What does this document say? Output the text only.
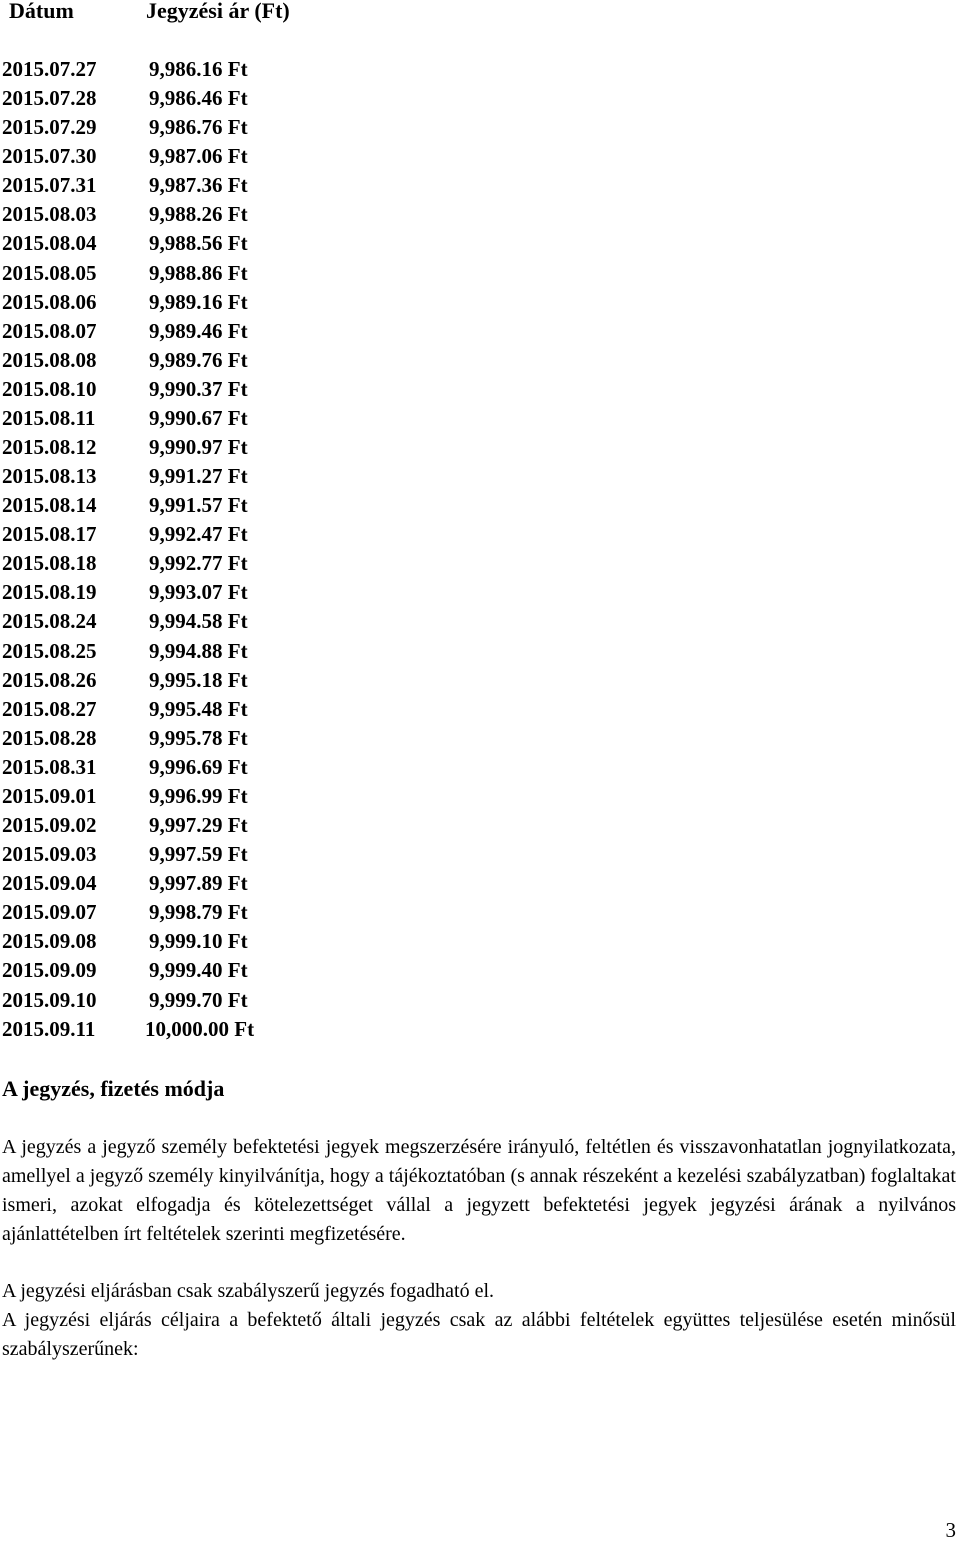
Dátum	Jegyzési ár (Ft)
2015.07.27	9,986.16 Ft
2015.07.28	9,986.46 Ft
2015.07.29	9,986.76 Ft
2015.07.30	9,987.06 Ft
2015.07.31	9,987.36 Ft
2015.08.03	9,988.26 Ft
2015.08.04	9,988.56 Ft
2015.08.05	9,988.86 Ft
2015.08.06	9,989.16 Ft
2015.08.07	9,989.46 Ft
2015.08.08	9,989.76 Ft
2015.08.10	9,990.37 Ft
2015.08.11	9,990.67 Ft
2015.08.12	9,990.97 Ft
2015.08.13	9,991.27 Ft
2015.08.14	9,991.57 Ft
2015.08.17	9,992.47 Ft
2015.08.18	9,992.77 Ft
2015.08.19	9,993.07 Ft
2015.08.24	9,994.58 Ft
2015.08.25	9,994.88 Ft
2015.08.26	9,995.18 Ft
2015.08.27	9,995.48 Ft
2015.08.28	9,995.78 Ft
2015.08.31	9,996.69 Ft
2015.09.01	9,996.99 Ft
2015.09.02	9,997.29 Ft
2015.09.03	9,997.59 Ft
2015.09.04	9,997.89 Ft
2015.09.07	9,998.79 Ft
2015.09.08	9,999.10 Ft
2015.09.09	9,999.40 Ft
2015.09.10	9,999.70 Ft
2015.09.11 10,000.00 Ft
A jegyzés, fizetés módja

A jegyzés a jegyző személy befektetési jegyek megszerzésére irányuló, feltétlen és visszavonhatatlan jognyilatkozata, amellyel a jegyző személy kinyilvánítja, hogy a tájékoztatóban (s annak részeként a kezelési szabályzatban) foglaltakat ismeri, azokat elfogadja és kötelezettséget vállal a jegyzett befektetési jegyek jegyzési árának a nyilvános ajánlattételben írt feltételek szerinti megfizetésére.

A jegyzési eljárásban csak szabályszerű jegyzés fogadható el.

A jegyzési eljárás céljaira a befektető általi jegyzés csak az alábbi feltételek együttes teljesülése esetén minősül szabályszerűnek:

3
